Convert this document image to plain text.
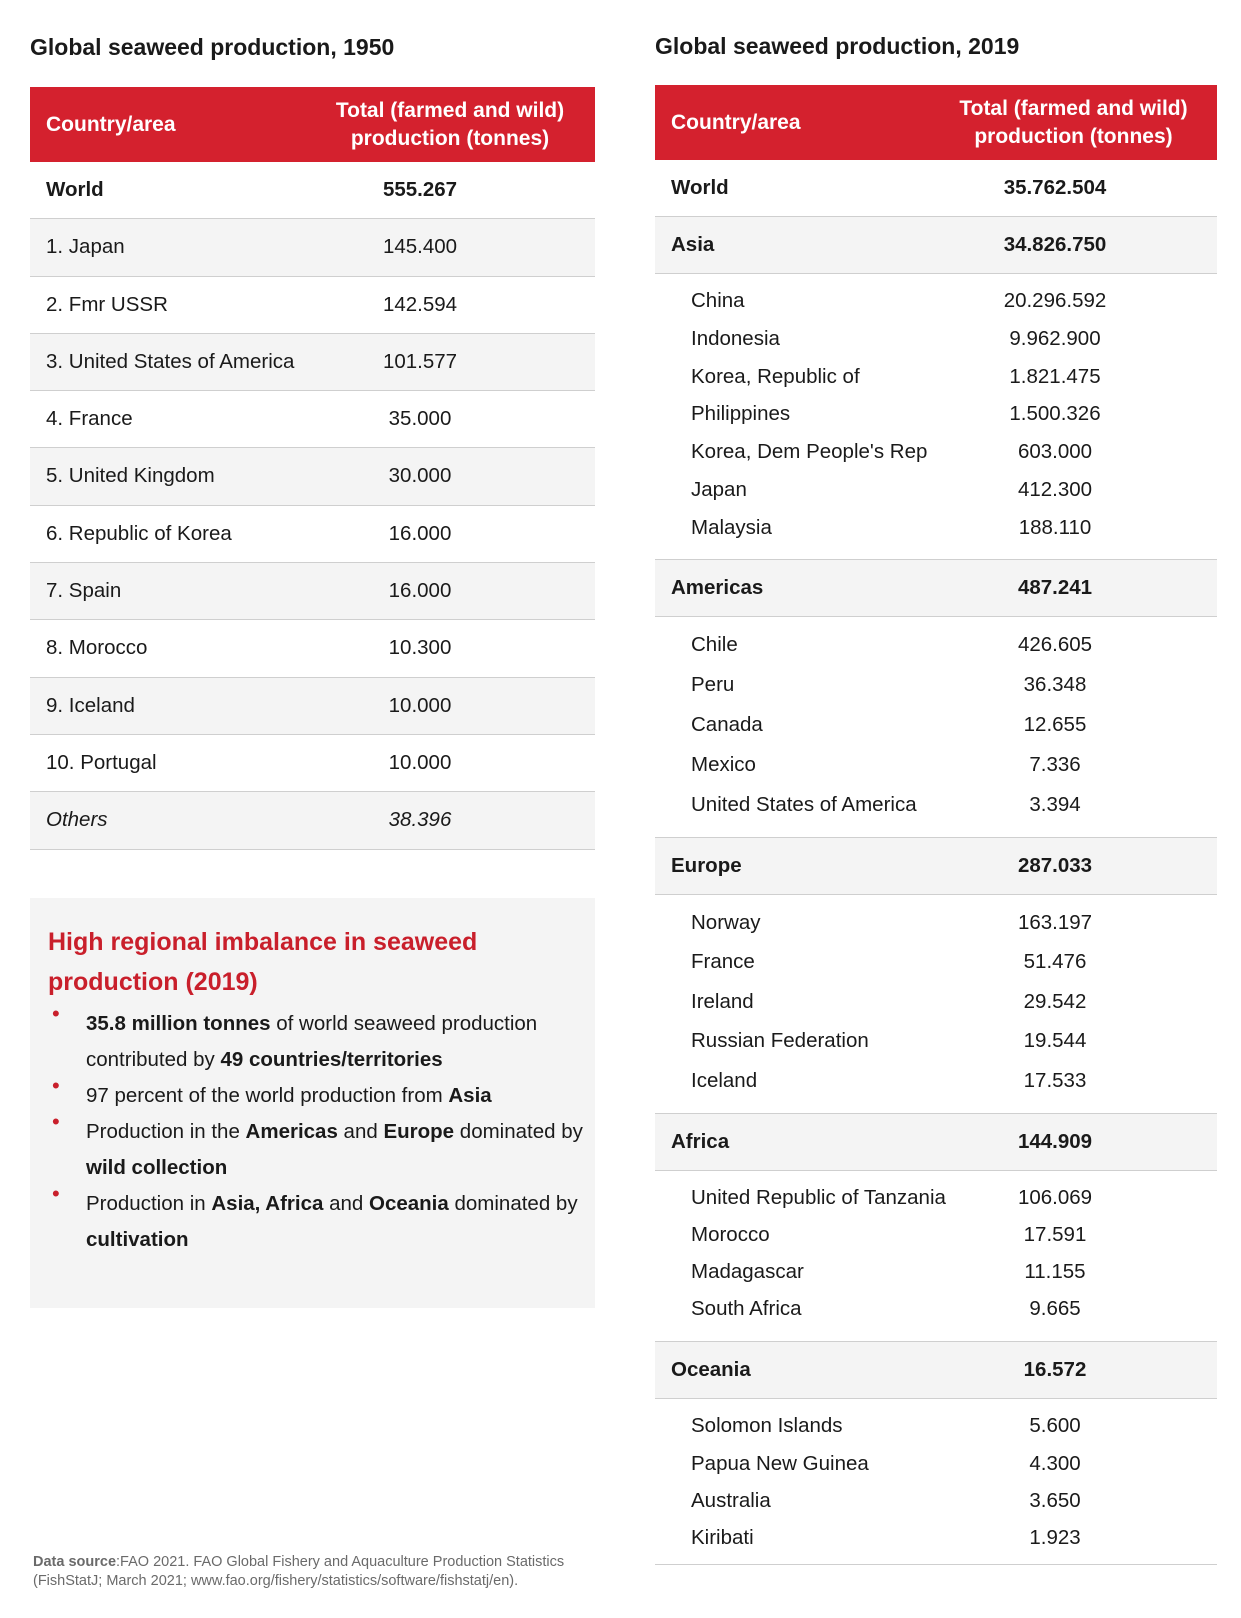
Global seaweed production, 1950
Country/area
Total (farmed and wild)
production (tonnes)
World	555.267
1. Japan	145.400
2. Fmr USSR	142.594
3. United States of America	101.577
4. France	35.000
5. United Kingdom	30.000
6. Republic of Korea	16.000
7. Spain	16.000
8. Morocco	10.300
9. Iceland	10.000
10. Portugal	10.000
Others	38.396
High regional imbalance in seaweed production (2019)
• 35.8 million tonnes of world seaweed production contributed by 49 countries/territories
• 97 percent of the world production from Asia
• Production in the Americas and Europe dominated by wild collection
• Production in Asia, Africa and Oceania dominated by cultivation
Data source:FAO 2021. FAO Global Fishery and Aquaculture Production Statistics (FishStatJ; March 2021; www.fao.org/fishery/statistics/software/fishstatj/en).
Global seaweed production, 2019
Country/area
Total (farmed and wild)
production (tonnes)
World	35.762.504
Asia	34.826.750
China	20.296.592
Indonesia	9.962.900
Korea, Republic of	1.821.475
Philippines	1.500.326
Korea, Dem People's Rep	603.000
Japan	412.300
Malaysia	188.110
Americas	487.241
Chile	426.605
Peru	36.348
Canada	12.655
Mexico	7.336
United States of America	3.394
Europe	287.033
Norway	163.197
France	51.476
Ireland	29.542
Russian Federation	19.544
Iceland	17.533
Africa	144.909
United Republic of Tanzania	106.069
Morocco	17.591
Madagascar	11.155
South Africa	9.665
Oceania	16.572
Solomon Islands	5.600
Papua New Guinea	4.300
Australia	3.650
Kiribati	1.923
